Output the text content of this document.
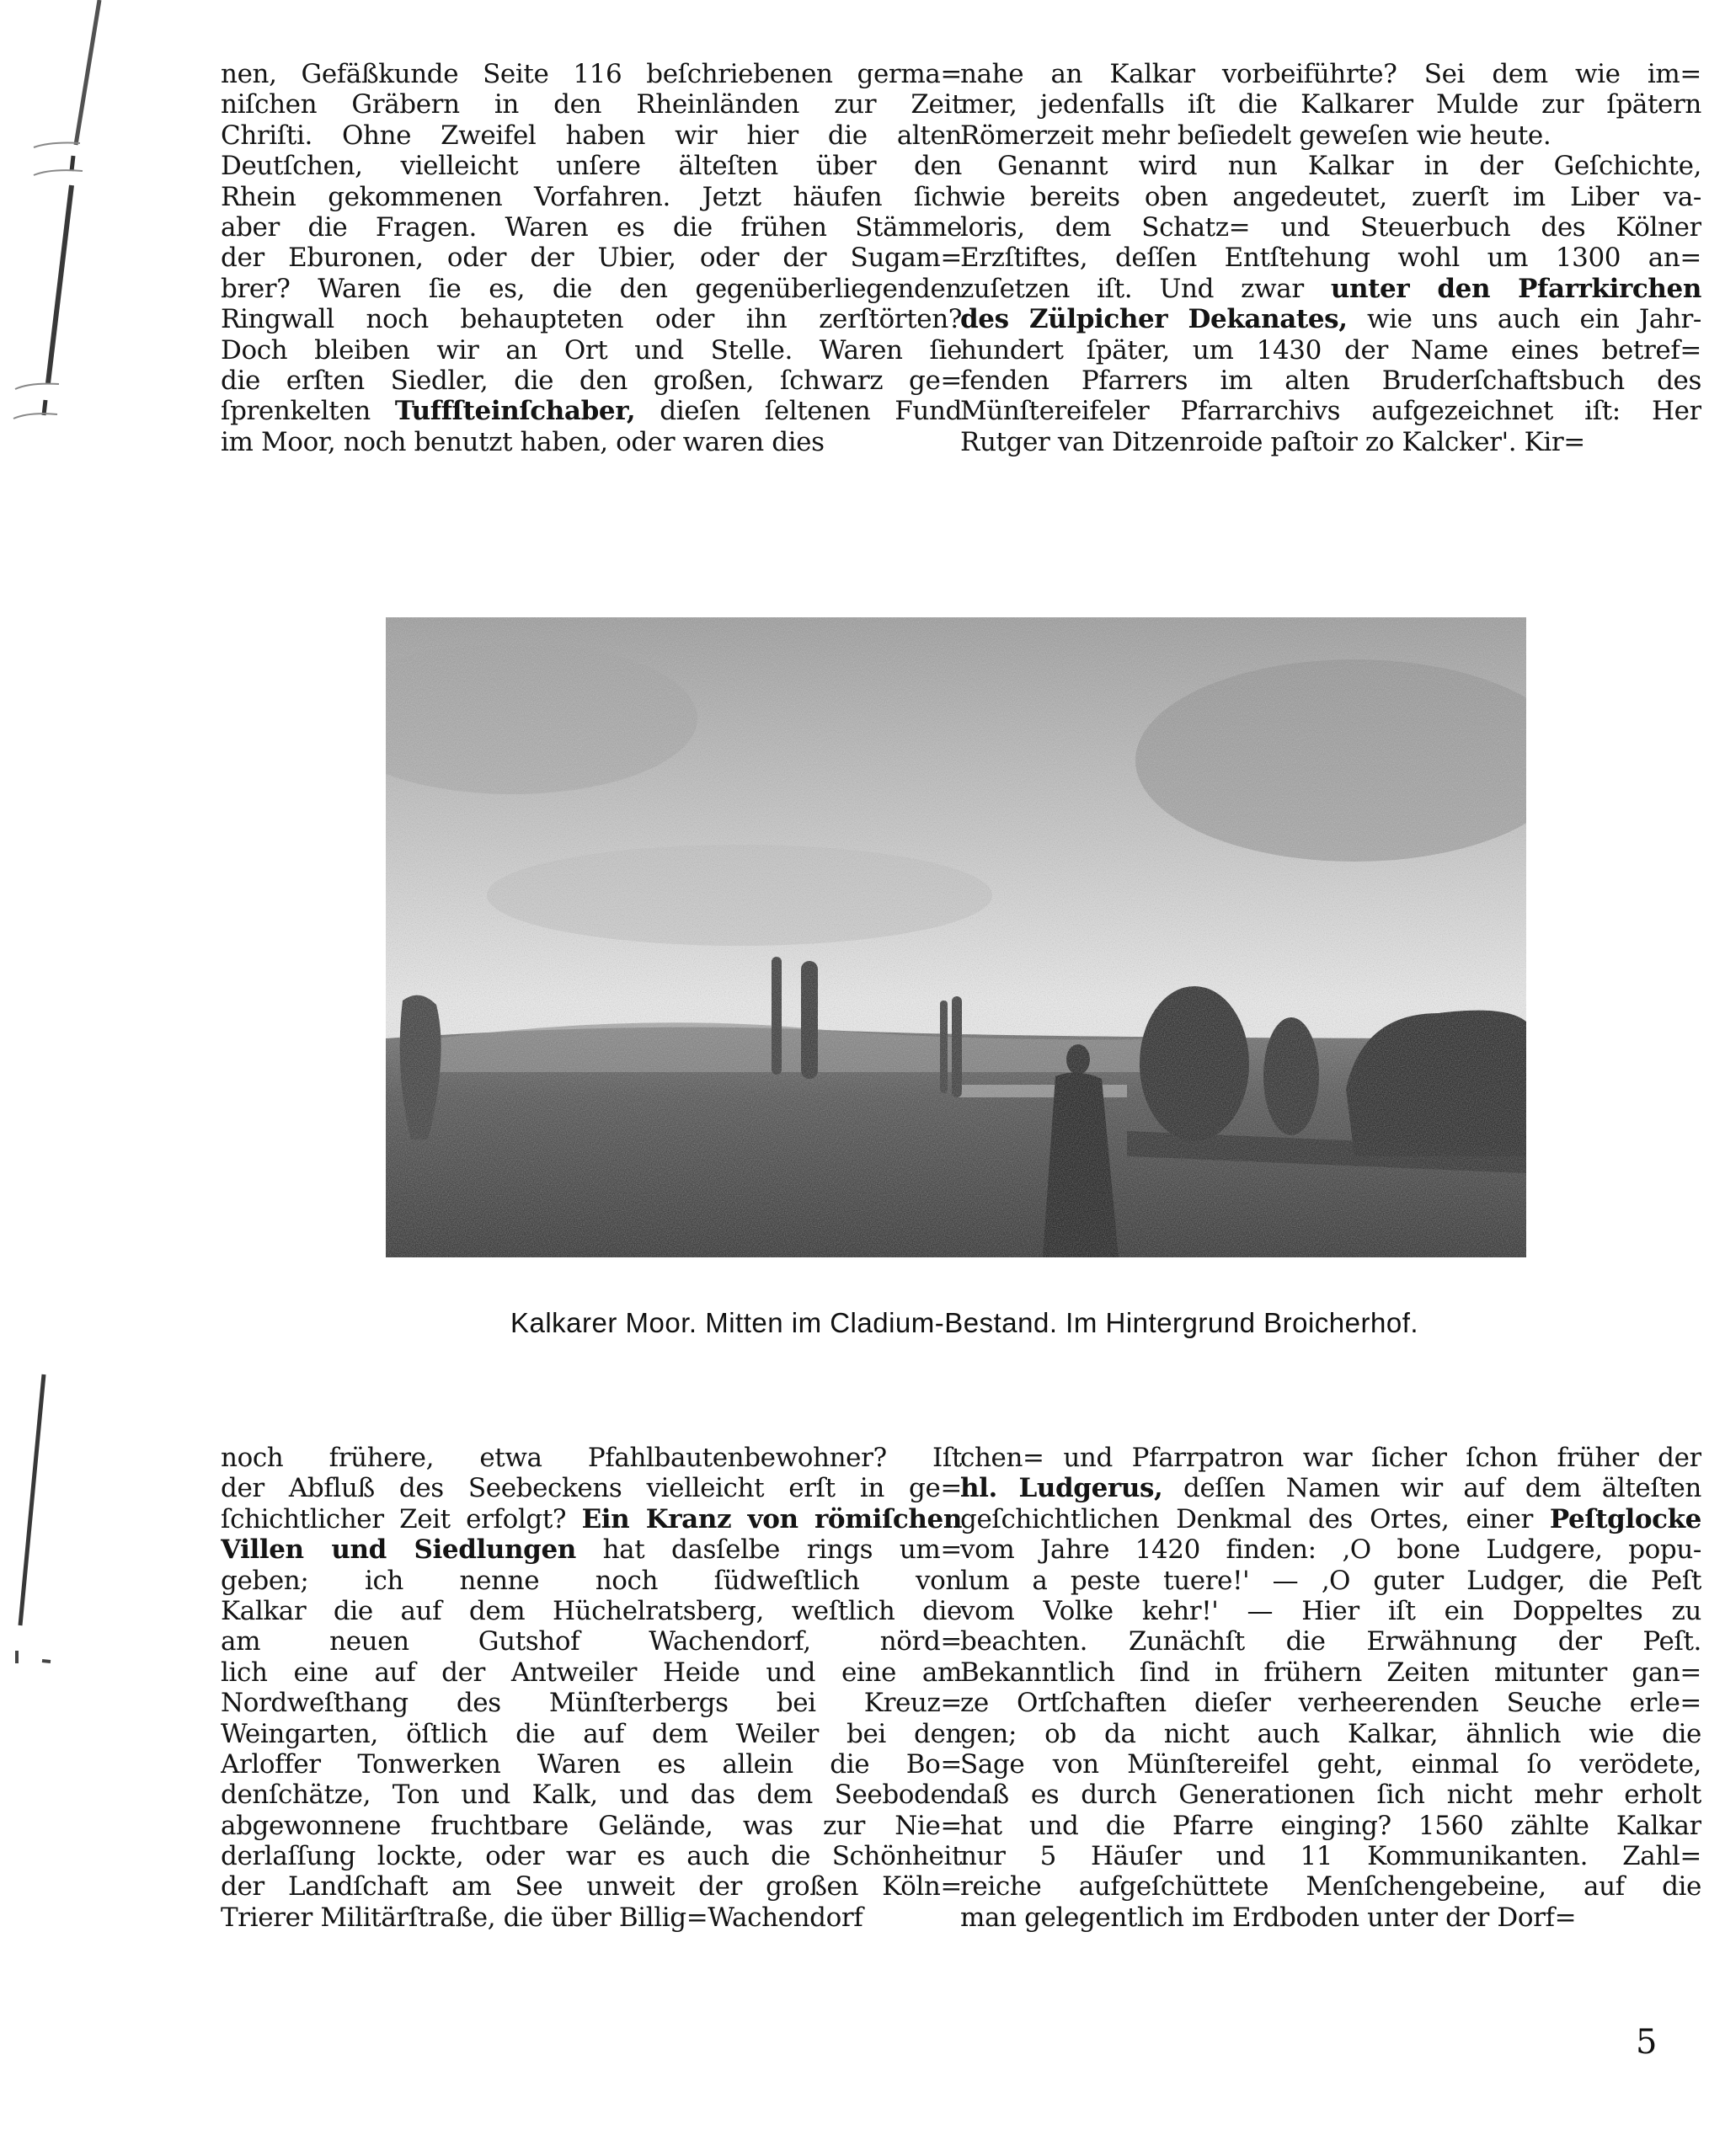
nen, Gefäßkunde Seite 116 beſchriebenen germa=
niſchen Gräbern in den Rheinländen zur Zeit
Chriſti. Ohne Zweifel haben wir hier die alten
Deutſchen, vielleicht unſere älteſten über den
Rhein gekommenen Vorfahren. Jetzt häufen ſich
aber die Fragen. Waren es die frühen Stämme
der Eburonen, oder der Ubier, oder der Sugam=
brer? Waren ſie es, die den gegenüberliegenden
Ringwall noch behaupteten oder ihn zerſtörten?
Doch bleiben wir an Ort und Stelle. Waren ſie
die erſten Siedler, die den großen, ſchwarz ge=
ſprenkelten Tuffſteinſchaber, dieſen ſeltenen Fund
im Moor, noch benutzt haben, oder waren dies
nahe an Kalkar vorbeiführte? Sei dem wie im=
mer, jedenfalls iſt die Kalkarer Mulde zur ſpätern
Römerzeit mehr beſiedelt geweſen wie heute.
Genannt wird nun Kalkar in der Geſchichte,
wie bereits oben angedeutet, zuerſt im Liber va-
loris, dem Schatz= und Steuerbuch des Kölner
Erzſtiftes, deſſen Entſtehung wohl um 1300 an=
zuſetzen iſt. Und zwar unter den Pfarrkirchen
des Zülpicher Dekanates, wie uns auch ein Jahr-
hundert ſpäter, um 1430 der Name eines betref=
fenden Pfarrers im alten Bruderſchaftsbuch des
Münſtereifeler Pfarrarchivs aufgezeichnet iſt: Her
Rutger van Ditzenroide paſtoir zo Kalcker'. Kir=
Kalkarer Moor. Mitten im Cladium-Bestand. Im Hintergrund Broicherhof.
noch frühere, etwa Pfahlbautenbewohner? Iſt
der Abfluß des Seebeckens vielleicht erſt in ge=
ſchichtlicher Zeit erfolgt? Ein Kranz von römiſchen
Villen und Siedlungen hat dasſelbe rings um=
geben; ich nenne noch ſüdweſtlich von
Kalkar die auf dem Hüchelratsberg, weſtlich die
am neuen Gutshof Wachendorf, nörd=
lich eine auf der Antweiler Heide und eine am
Nordweſthang des Münſterbergs bei Kreuz=
Weingarten, öſtlich die auf dem Weiler bei den
Arloffer Tonwerken Waren es allein die Bo=
denſchätze, Ton und Kalk, und das dem Seeboden
abgewonnene fruchtbare Gelände, was zur Nie=
derlaſſung lockte, oder war es auch die Schönheit
der Landſchaft am See unweit der großen Köln=
Trierer Militärſtraße, die über Billig=Wachendorf
chen= und Pfarrpatron war ſicher ſchon früher der
hl. Ludgerus, deſſen Namen wir auf dem älteſten
geſchichtlichen Denkmal des Ortes, einer Peſtglocke
vom Jahre 1420 finden: ‚O bone Ludgere, popu-
lum a peste tuere!' — ‚O guter Ludger, die Peſt
vom Volke kehr!' — Hier iſt ein Doppeltes zu
beachten. Zunächſt die Erwähnung der Peſt.
Bekanntlich ſind in frühern Zeiten mitunter gan=
ze Ortſchaften dieſer verheerenden Seuche erle=
gen; ob da nicht auch Kalkar, ähnlich wie die
Sage von Münſtereifel geht, einmal ſo verödete,
daß es durch Generationen ſich nicht mehr erholt
hat und die Pfarre einging? 1560 zählte Kalkar
nur 5 Häuſer und 11 Kommunikanten. Zahl=
reiche aufgeſchüttete Menſchengebeine, auf die
man gelegentlich im Erdboden unter der Dorf=
5
